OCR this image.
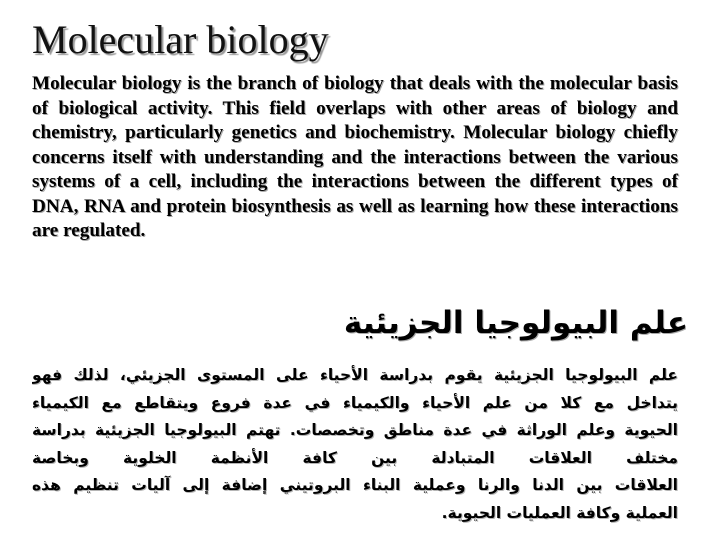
Molecular biology
Molecular biology is the branch of biology that deals with the molecular basis of biological activity. This field overlaps with other areas of biology and chemistry, particularly genetics and biochemistry. Molecular biology chiefly concerns itself with understanding and the interactions between the various systems of a cell, including the interactions between the different types of DNA, RNA and protein biosynthesis as well as learning how these interactions are regulated.
علم البيولوجيا الجزيئية
علم البيولوجيا الجزيئية يقوم بدراسة الأحياء على المستوى الجزيئي، لذلك فهو
يتداخل مع كلا من علم الأحياء والكيمياء في عدة فروع ويتقاطع مع الكيمياء
الحيوية وعلم الوراثة في عدة مناطق وتخصصات. تهتم البيولوجيا الجزيئية بدراسة
مختلف العلاقات المتبادلة بين كافة الأنظمة الخلوية وبخاصة
العلاقات بين الدنا والرنا وعملية البناء البروتيني إضافة إلى آليات تنظيم هذه
العملية وكافة العمليات الحيوية.
